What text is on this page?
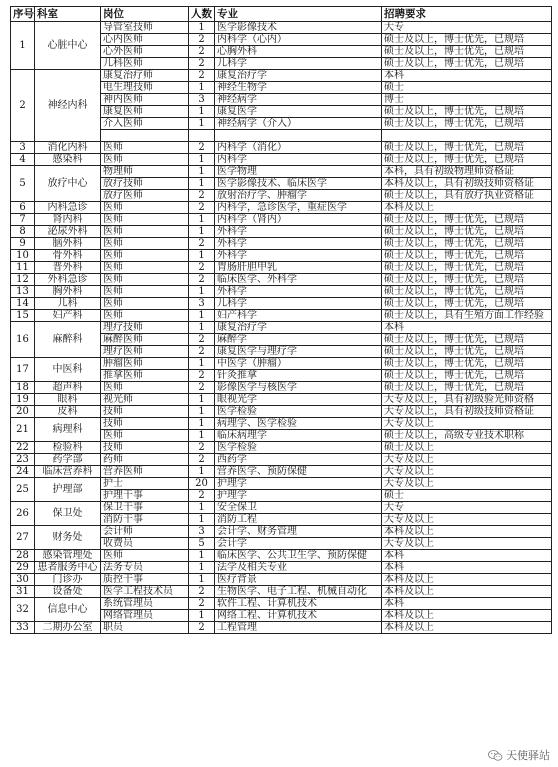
序号	科室	岗位	人数	专业	招聘要求
1	心脏中心	导管室技师	1	医学影像技术	大专
		心内医师	2	内科学（心内）	硕士及以上，博士优先，已规培
		心外医师	2	心胸外科	硕士及以上，博士优先，已规培
		儿科医师	2	儿科学	硕士及以上，博士优先，已规培
2	神经内科	康复治疗师	2	康复治疗学	本科
		电生理技师	1	神经生物学	硕士
		神内医师	3	神经病学	博士
		康复医师	1	康复医学	硕士及以上，博士优先，已规培
		介入医师	1	神经病学（介入）	硕士及以上，博士优先，已规培

3	消化内科	医师	2	内科学（消化）	硕士及以上，博士优先，已规培
4	感染科	医师	1	内科学	硕士及以上，博士优先，已规培
5	放疗中心	物理师	1	医学物理	本科，具有初级物理师资格证
		放疗技师	1	医学影像技术、临床医学	本科及以上，具有初级技师资格证
		放疗医师	2	放射治疗学、肿瘤学	硕士及以上，具有放疗执业资格证
6	内科急诊	医师	2	内科学，急诊医学，重症医学	本科及以上
7	肾内科	医师	1	内科学（肾内）	硕士及以上，博士优先，已规培
8	泌尿外科	医师	1	外科学	硕士及以上，博士优先，已规培
9	脑外科	医师	2	外科学	硕士及以上，博士优先，已规培
10	骨外科	医师	1	外科学	硕士及以上，博士优先，已规培
11	普外科	医师	2	胃肠肝胆甲乳	硕士及以上，博士优先，已规培
12	外科急诊	医师	2	临床医学、外科学	硕士及以上，博士优先，已规培
13	胸外科	医师	1	外科学	硕士及以上，博士优先，已规培
14	儿科	医师	3	儿科学	硕士及以上，博士优先，已规培
15	妇产科	医师	1	妇产科学	硕士及以上，具有生殖方面工作经验
16	麻醉科	理疗技师	1	康复治疗学	本科
		麻醉医师	2	麻醉学	硕士及以上，博士优先，已规培
		理疗医师	2	康复医学与理疗学	硕士及以上，博士优先，已规培
17	中医科	肿瘤医师	1	中医学（肿瘤）	硕士及以上，博士优先，已规培
		推拿医师	2	针灸推拿	硕士及以上，博士优先，已规培
18	超声科	医师	2	影像医学与核医学	硕士及以上，博士优先，已规培
19	眼科	视光师	1	眼视光学	大专及以上，具有初级验光师资格
20	皮科	技师	1	医学检验	大专及以上，具有初级技师资格证
21	病理科	技师	1	病理学、医学检验	大专及以上
		医师	1	临床病理学	硕士及以上，高级专业技术职称
22	检验科	技师	2	医学检验	硕士及以上
23	药学部	药师	2	西药学	大专及以上
24	临床营养科	营养医师	1	营养医学、预防保健	大专及以上
25	护理部	护士	20	护理学	大专及以上
		护理干事	2	护理学	硕士
26	保卫处	保卫干事	1	安全保卫	大专
		消防干事	1	消防工程	大专及以上
27	财务处	会计师	3	会计学、财务管理	本科及以上
		收费员	5	会计学	大专及以上
28	感染管理处	医师	1	临床医学、公共卫生学、预防保健	本科
29	患者服务中心	法务专员	1	法学及相关专业	本科
30	门诊办	质控干事	1	医疗背景	本科及以上
31	设备处	医学工程技术员	2	生物医学、电子工程、机械自动化	本科及以上
32	信息中心	系统管理员	2	软件工程、计算机技术	本科
		网络管理员	1	网络工程、计算机技术	本科及以上
33	二期办公室	职员	2	工程管理	本科及以上
天使驿站
